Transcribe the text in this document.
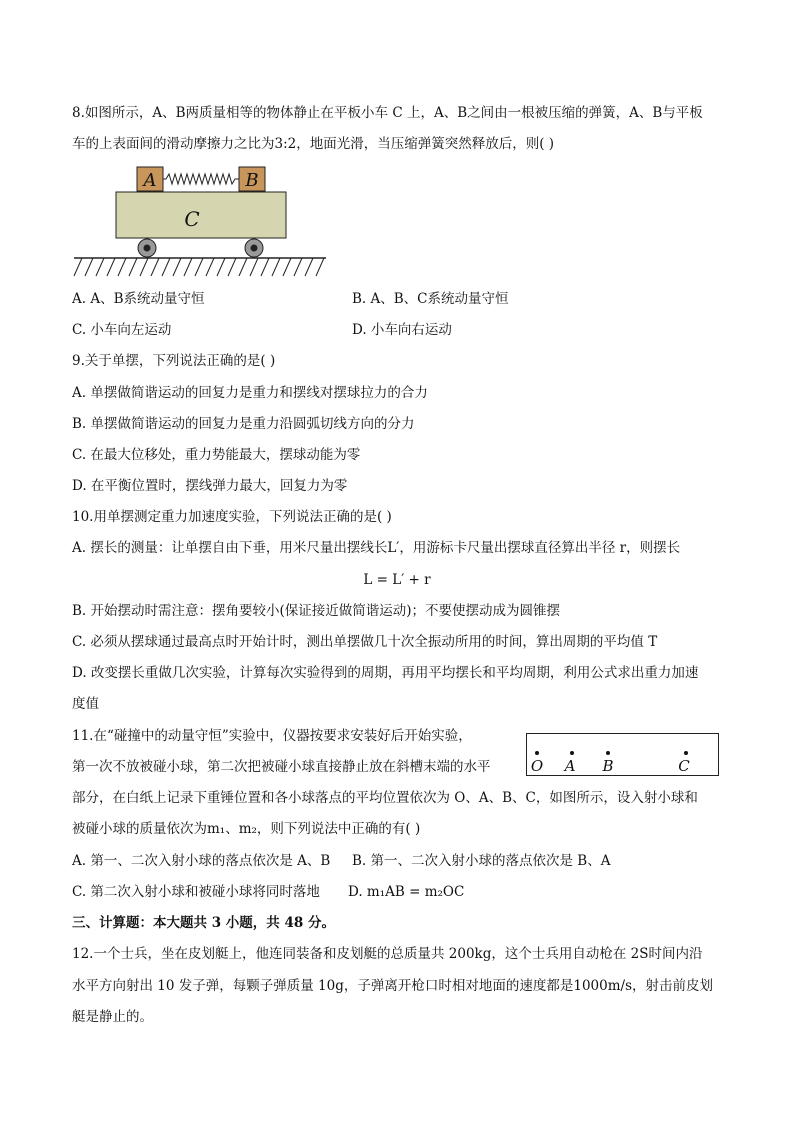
8.如图所示，A、B两质量相等的物体静止在平板小车 C 上，A、B之间由一根被压缩的弹簧，A、B与平板
车的上表面间的滑动摩擦力之比为3:2，地面光滑，当压缩弹簧突然释放后，则( )
A	B
C
A. A、B系统动量守恒	B. A、B、C系统动量守恒
C. 小车向左运动	D. 小车向右运动
9.关于单摆，下列说法正确的是( )
A. 单摆做简谐运动的回复力是重力和摆线对摆球拉力的合力
B. 单摆做简谐运动的回复力是重力沿圆弧切线方向的分力
C. 在最大位移处，重力势能最大，摆球动能为零
D. 在平衡位置时，摆线弹力最大，回复力为零
10.用单摆测定重力加速度实验，下列说法正确的是( )
A. 摆长的测量：让单摆自由下垂，用米尺量出摆线长L′，用游标卡尺量出摆球直径算出半径 r，则摆长
L = L′ + r
B. 开始摆动时需注意：摆角要较小(保证接近做简谐运动)；不要使摆动成为圆锥摆
C. 必须从摆球通过最高点时开始计时，测出单摆做几十次全振动所用的时间，算出周期的平均值 T
D. 改变摆长重做几次实验，计算每次实验得到的周期，再用平均摆长和平均周期，利用公式求出重力加速
度值
11.在“碰撞中的动量守恒”实验中，仪器按要求安装好后开始实验，
第一次不放被碰小球，第二次把被碰小球直接静止放在斜槽末端的水平	O A B	C
部分，在白纸上记录下重锤位置和各小球落点的平均位置依次为 O、A、B、C，如图所示，设入射小球和
被碰小球的质量依次为m₁、m₂，则下列说法中正确的有( )
A. 第一、二次入射小球的落点依次是 A、B B. 第一、二次入射小球的落点依次是 B、A
C. 第二次入射小球和被碰小球将同时落地 D. m₁AB = m₂OC
三、计算题：本大题共 3 小题，共 48 分。
12.一个士兵，坐在皮划艇上，他连同装备和皮划艇的总质量共 200kg，这个士兵用自动枪在 2S时间内沿
水平方向射出 10 发子弹，每颗子弹质量 10g，子弹离开枪口时相对地面的速度都是1000m/s，射击前皮划
艇是静止的。
